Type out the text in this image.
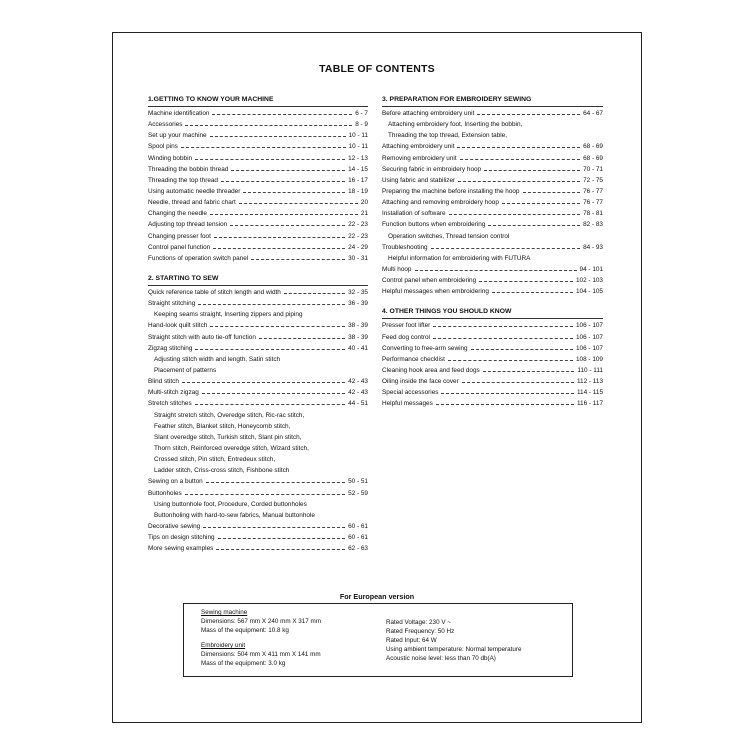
TABLE OF CONTENTS
1.GETTING TO KNOW YOUR MACHINE
Machine identification	6 - 7
Accessories	8 - 9
Set up your machine	10 - 11
Spool pins	10 - 11
Winding bobbin	12 - 13
Threading the bobbin thread	14 - 15
Threading the top thread	16 - 17
Using automatic needle threader	18 - 19
Needle, thread and fabric chart	20
Changing the needle	21
Adjusting top thread tension	22 - 23
Changing presser foot	22 - 23
Control panel function	24 - 29
Functions of operation switch panel	30 - 31
2. STARTING TO SEW
Quick reference table of stitch length and width	32 - 35
Straight stitching	36 - 39
Keeping seams straight, Inserting zippers and piping
Hand-look quilt stitch	38 - 39
Straight stitch with auto tie-off function	38 - 39
Zigzag stitching	40 - 41
Adjusting stitch width and length, Satin stitch
Placement of patterns
Blind stitch	42 - 43
Multi-stitch zigzag	42 - 43
Stretch stitches	44 - 51
Straight stretch stitch, Overedge stitch, Ric-rac stitch,
Feather stitch, Blanket stitch, Honeycomb stitch,
Slant overedge stitch, Turkish stitch, Slant pin stitch,
Thorn stitch, Reinforced overedge stitch, Wizard stitch,
Crossed stitch, Pin stitch, Entredeux stitch,
Ladder stitch, Criss-cross stitch, Fishbone stitch
Sewing on a button	50 - 51
Buttonholes	52 - 59
Using buttonhole foot, Procedure, Corded buttonholes
Buttonholing with hard-to-sew fabrics, Manual buttonhole
Decorative sewing	60 - 61
Tips on design stitching	60 - 61
More sewing examples	62 - 63
3. PREPARATION FOR EMBROIDERY SEWING
Before attaching embroidery unit	64 - 67
Attaching embroidery foot, Inserting the bobbin,
Threading the top thread, Extension table,
Attaching embroidery unit	68 - 69
Removing embroidery unit	68 - 69
Securing fabric in embroidery hoop	70 - 71
Using fabric and stabilizer	72 - 75
Preparing the machine before installing the hoop	76 - 77
Attaching and removing embroidery hoop	76 - 77
Installation of software	78 - 81
Function buttons when embroidering	82 - 83
Operation switches, Thread tension control
Troubleshooting	84 - 93
Helpful information for embroidering with FUTURA
Multi hoop	94 - 101
Control panel when embroidering	102 - 103
Helpful messages when embroidering	104 - 105
4. OTHER THINGS YOU SHOULD KNOW
Presser foot lifter	106 - 107
Feed dog control	106 - 107
Converting to free-arm sewing	106 - 107
Performance checklist	108 - 109
Cleaning hook area and feed dogs	110 - 111
Oiling inside the face cover	112 - 113
Special accessories	114 - 115
Helpful messages	116 - 117
For European version
Sewing machine
Dimensions: 567 mm X 240 mm X 317 mm
Mass of the equipment: 10.8 kg
Embroidery unit
Dimensions: 504 mm X 411 mm X 141 mm
Mass of the equipment: 3.0 kg
Rated Voltage: 230 V ~
Rated Frequency: 50 Hz
Rated Input: 64 W
Using ambient temperature: Normal temperature
Acoustic noise level: less than 70 db(A)
